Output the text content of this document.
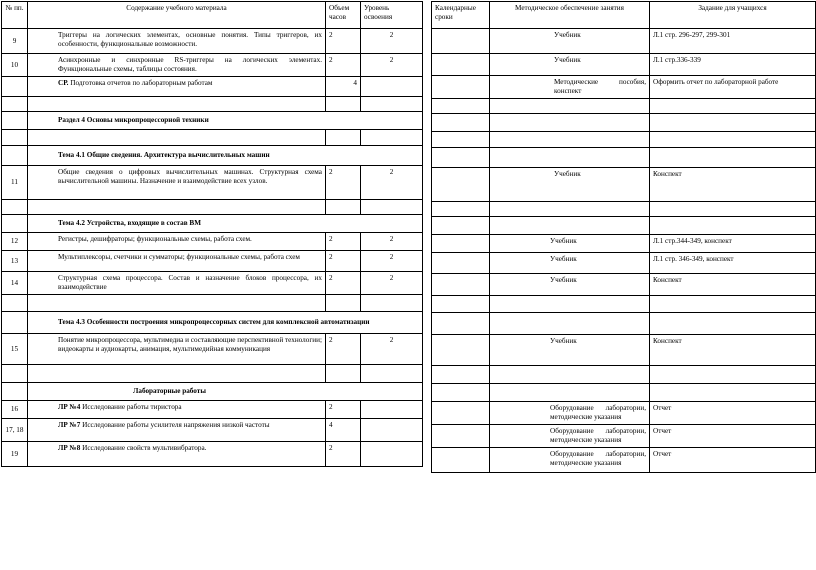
№ пп.	Содержание учебного материала	Объем часов	Уровень освоения
9	Триггеры на логических элементах, основные понятия. Типы триггеров, их особенности, функциональные возможности.	2	2
10	Асинхронные и синхронные RS-триггеры на логических элементах. Функциональные схемы, таблицы состояния.	2	2
	СР. Подготовка отчетов по лабораторным работам	4	

	Раздел 4 Основы микропроцессорной техники		

	Тема 4.1 Общие сведения. Архитектура вычислительных машин		
11	Общие сведения о цифровых вычислительных машинах. Структурная схема вычислительной машины. Назначение и взаимодействие всех узлов.	2	2

	Тема 4.2 Устройства, входящие в состав ВМ		
12	Регистры, дешифраторы; функциональные схемы, работа схем.	2	2
13	Мультиплексоры, счетчики и сумматоры; функциональные схемы, работа схем	2	2
14	Структурная схема процессора. Состав и назначение блоков процессора, их взаимодействие	2	2

	Тема 4.3 Особенности построения микропроцессорных систем для комплексной автоматизации		
15	Понятие микропроцессора, мультимедиа и составляющие перспективной технологии; видеокарты и аудиокарты, анимация, мультимедийная коммуникация	2	2

	Лабораторные работы		
16	ЛР №4 Исследование работы тиристора	2	
17, 18	ЛР №7 Исследование работы усилителя напряжения низкой частоты	4	
19	ЛР №8 Исследование свойств мультивибратора.	2	
Календарные сроки	Методическое обеспечение занятия	Задание для учащихся
	Учебник	Л.1 стр. 296-297, 299-301
	Учебник	Л.1 стр.336-339
	Методические пособия, конспект	Оформить отчет по лабораторной работе

	Учебник	Конспект

	Учебник	Л.1 стр.344-349, конспект
	Учебник	Л.1 стр. 346-349, конспект
	Учебник	Конспект

	Учебник	Конспект

	Оборудование лаборатории, методические указания	Отчет
	Оборудование лаборатории, методические указания	Отчет
	Оборудование лаборатории, методические указания	Отчет
